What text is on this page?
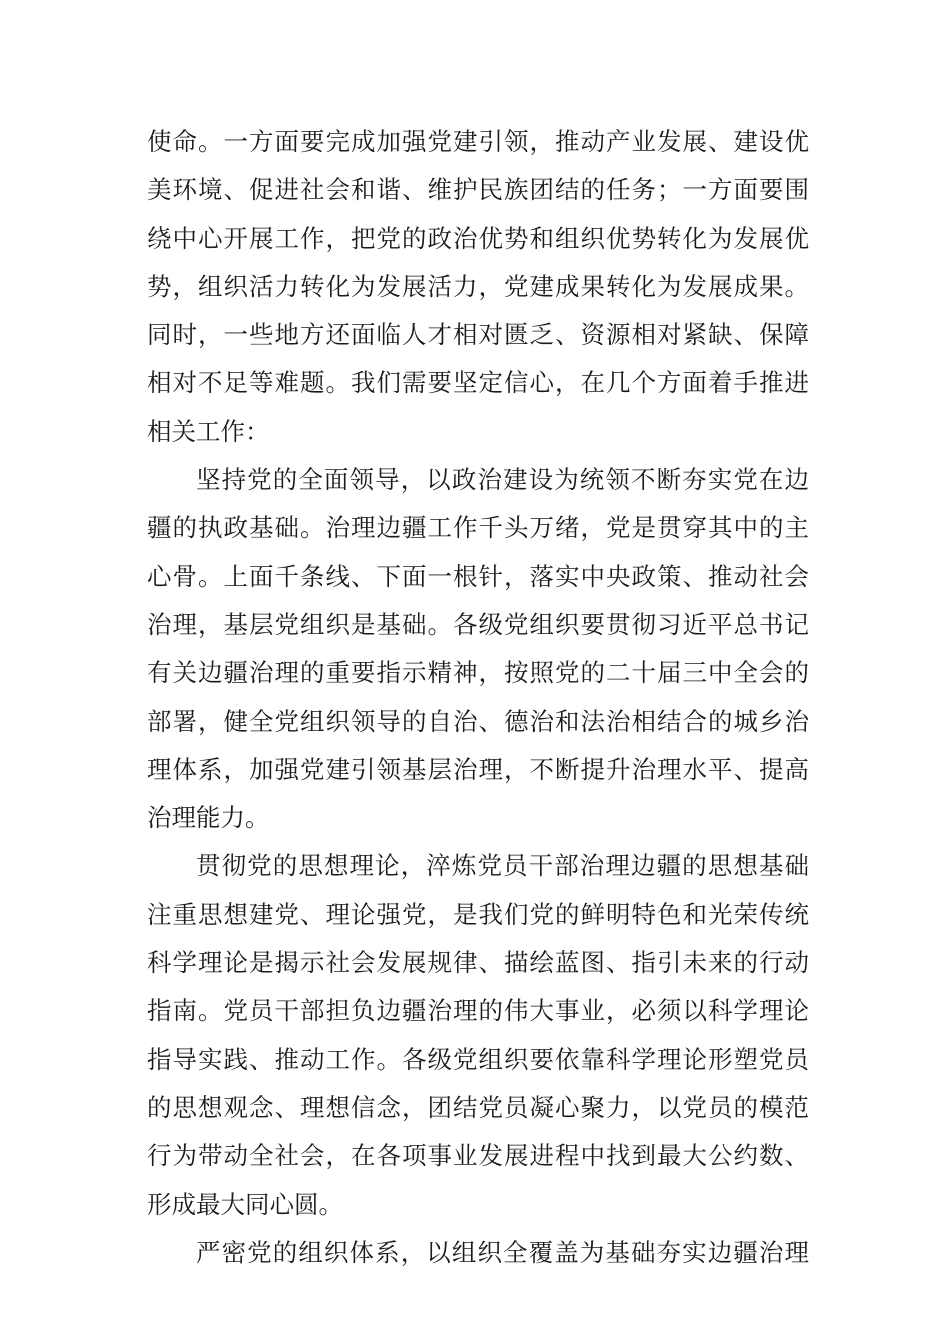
使命。一方面要完成加强党建引领，推动产业发展、建设优
美环境、促进社会和谐、维护民族团结的任务；一方面要围
绕中心开展工作，把党的政治优势和组织优势转化为发展优
势，组织活力转化为发展活力，党建成果转化为发展成果。
同时，一些地方还面临人才相对匮乏、资源相对紧缺、保障
相对不足等难题。我们需要坚定信心，在几个方面着手推进
相关工作：
坚持党的全面领导，以政治建设为统领不断夯实党在边
疆的执政基础。治理边疆工作千头万绪，党是贯穿其中的主
心骨。上面千条线、下面一根针，落实中央政策、推动社会
治理，基层党组织是基础。各级党组织要贯彻习近平总书记
有关边疆治理的重要指示精神，按照党的二十届三中全会的
部署，健全党组织领导的自治、德治和法治相结合的城乡治
理体系，加强党建引领基层治理，不断提升治理水平、提高
治理能力。
贯彻党的思想理论，淬炼党员干部治理边疆的思想基础
注重思想建党、理论强党，是我们党的鲜明特色和光荣传统
科学理论是揭示社会发展规律、描绘蓝图、指引未来的行动
指南。党员干部担负边疆治理的伟大事业，必须以科学理论
指导实践、推动工作。各级党组织要依靠科学理论形塑党员
的思想观念、理想信念，团结党员凝心聚力，以党员的模范
行为带动全社会，在各项事业发展进程中找到最大公约数、
形成最大同心圆。
严密党的组织体系，以组织全覆盖为基础夯实边疆治理
